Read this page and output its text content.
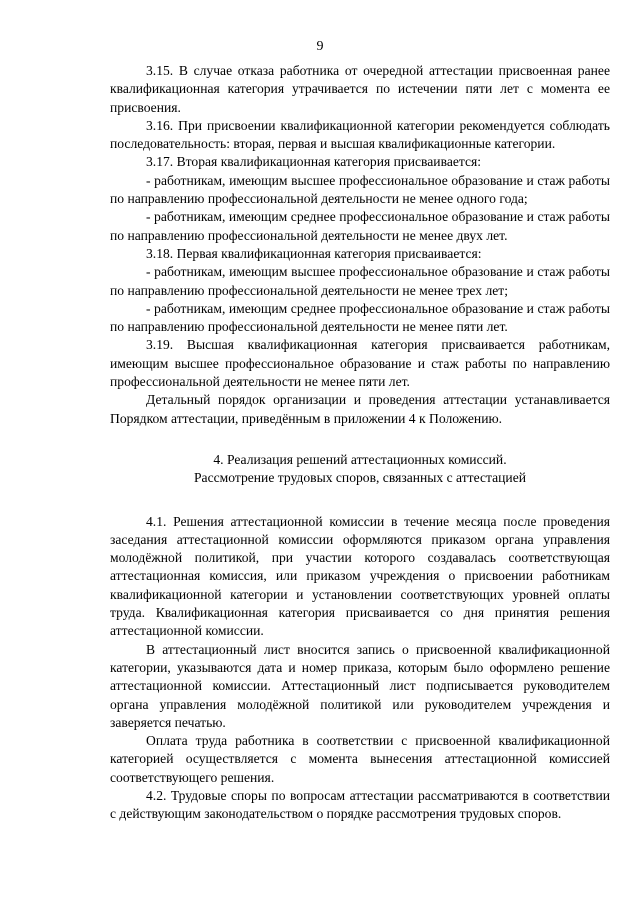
9

3.15. В случае отказа работника от очередной аттестации присвоенная ранее квалификационная категория утрачивается по истечении пяти лет с момента ее присвоения.

3.16. При присвоении квалификационной категории рекомендуется соблюдать последовательность: вторая, первая и высшая квалификационные категории.

3.17. Вторая квалификационная категория присваивается:

- работникам, имеющим высшее профессиональное образование и стаж работы по направлению профессиональной деятельности не менее одного года;

- работникам, имеющим среднее профессиональное образование и стаж работы по направлению профессиональной деятельности не менее двух лет.

3.18. Первая квалификационная категория присваивается:

- работникам, имеющим высшее профессиональное образование и стаж работы по направлению профессиональной деятельности не менее трех лет;

- работникам, имеющим среднее профессиональное образование и стаж работы по направлению профессиональной деятельности не менее пяти лет.

3.19. Высшая квалификационная категория присваивается работникам, имеющим высшее профессиональное образование и стаж работы по направлению профессиональной деятельности не менее пяти лет.

Детальный порядок организации и проведения аттестации устанавливается Порядком аттестации, приведённым в приложении 4 к Положению.

4. Реализация решений аттестационных комиссий.
Рассмотрение трудовых споров, связанных с аттестацией

4.1. Решения аттестационной комиссии в течение месяца после проведения заседания аттестационной комиссии оформляются приказом органа управления молодёжной политикой, при участии которого создавалась соответствующая аттестационная комиссия, или приказом учреждения о присвоении работникам квалификационной категории и установлении соответствующих уровней оплаты труда. Квалификационная категория присваивается со дня принятия решения аттестационной комиссии.

В аттестационный лист вносится запись о присвоенной квалификационной категории, указываются дата и номер приказа, которым было оформлено решение аттестационной комиссии. Аттестационный лист подписывается руководителем органа управления молодёжной политикой или руководителем учреждения и заверяется печатью.

Оплата труда работника в соответствии с присвоенной квалификационной категорией осуществляется с момента вынесения аттестационной комиссией соответствующего решения.

4.2. Трудовые споры по вопросам аттестации рассматриваются в соответствии с действующим законодательством о порядке рассмотрения трудовых споров.
